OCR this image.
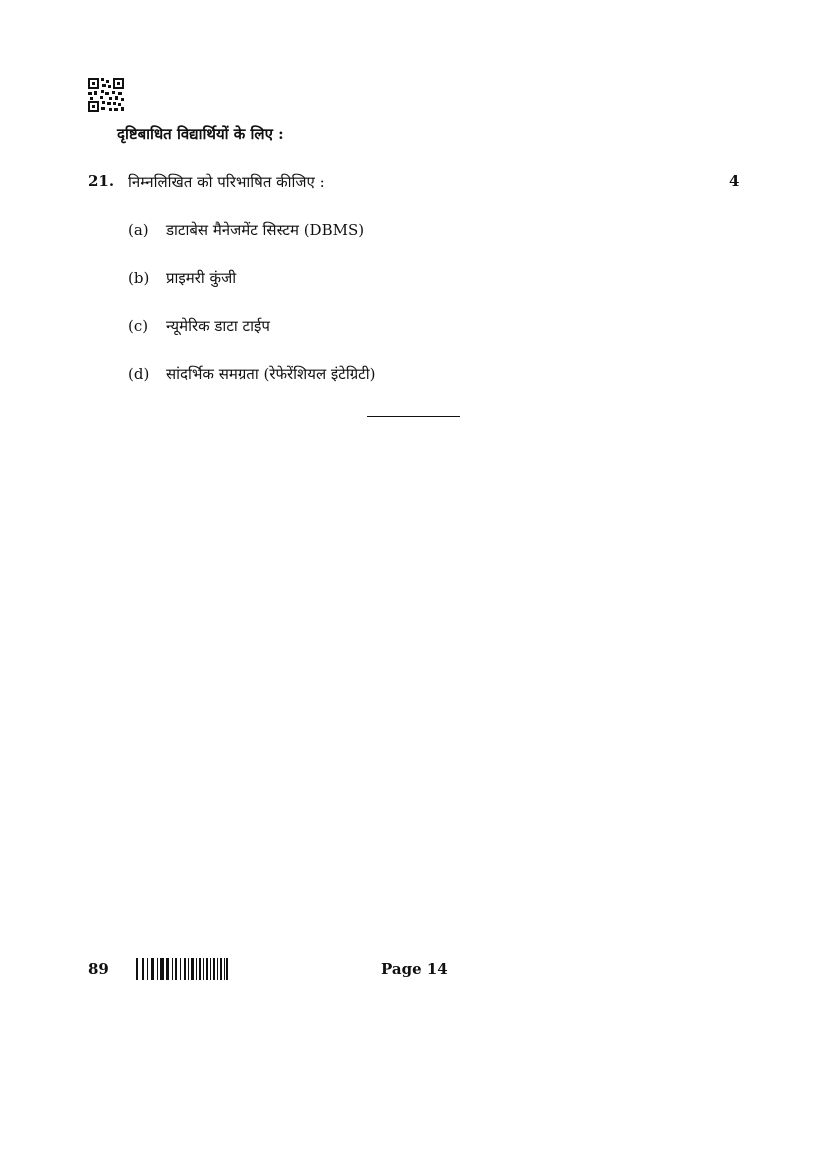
दृष्टिबाधित विद्यार्थियों के लिए :
21. निम्नलिखित को परिभाषित कीजिए :	4
(a) डाटाबेस मैनेजमेंट सिस्टम (DBMS)
(b) प्राइमरी कुंजी
(c) न्यूमेरिक डाटा टाईप
(d) सांदर्भिक समग्रता (रेफेरेंशियल इंटेग्रिटी)
89	Page 14
